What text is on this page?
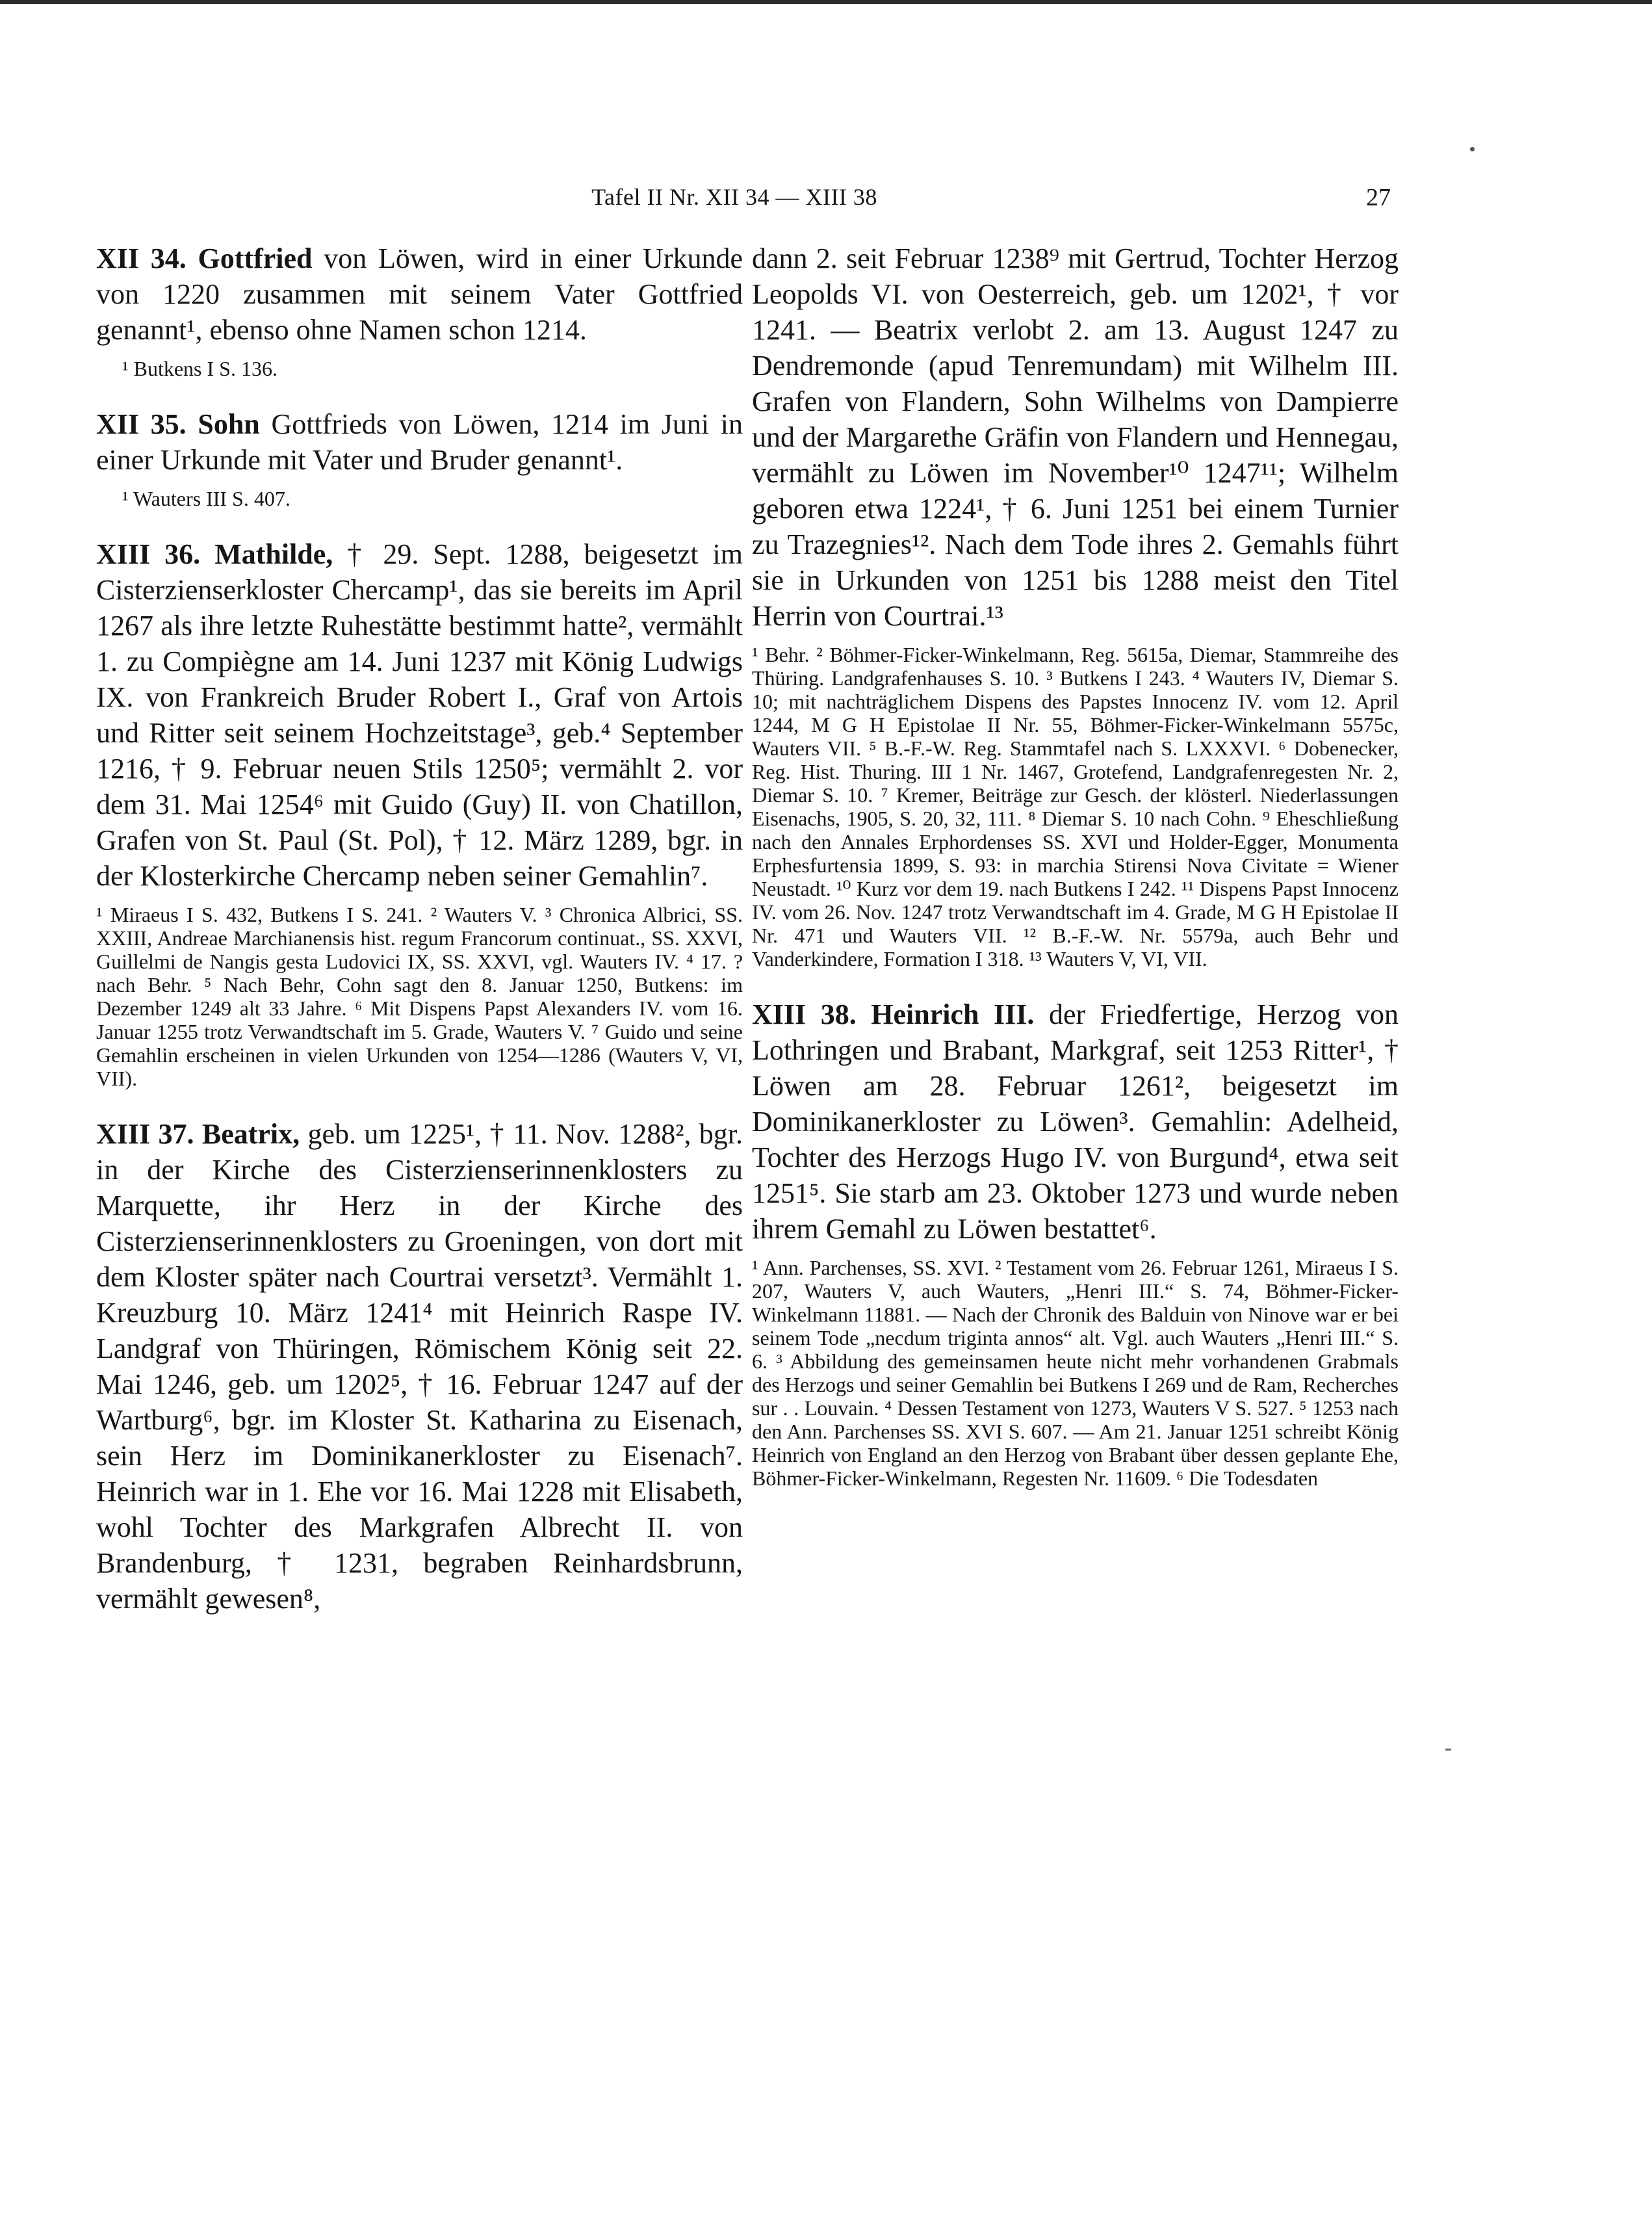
Tafel II Nr. XII 34 — XIII 38	27

XII 34. Gottfried von Löwen, wird in einer Urkunde von 1220 zusammen mit seinem Vater Gottfried genannt¹, ebenso ohne Namen schon 1214.

¹ Butkens I S. 136.

XII 35. Sohn Gottfrieds von Löwen, 1214 im Juni in einer Urkunde mit Vater und Bruder genannt¹.

¹ Wauters III S. 407.

XIII 36. Mathilde, † 29. Sept. 1288, beigesetzt im Cisterzienserkloster Chercamp¹, das sie bereits im April 1267 als ihre letzte Ruhestätte bestimmt hatte², vermählt 1. zu Compiègne am 14. Juni 1237 mit König Ludwigs IX. von Frankreich Bruder Robert I., Graf von Artois und Ritter seit seinem Hochzeitstage³, geb.⁴ September 1216, † 9. Februar neuen Stils 1250⁵; vermählt 2. vor dem 31. Mai 1254⁶ mit Guido (Guy) II. von Chatillon, Grafen von St. Paul (St. Pol), † 12. März 1289, bgr. in der Klosterkirche Chercamp neben seiner Gemahlin⁷.

¹ Miraeus I S. 432, Butkens I S. 241. ² Wauters V. ³ Chronica Albrici, SS. XXIII, Andreae Marchianensis hist. regum Francorum continuat., SS. XXVI, Guillelmi de Nangis gesta Ludovici IX, SS. XXVI, vgl. Wauters IV. ⁴ 17. ? nach Behr. ⁵ Nach Behr, Cohn sagt den 8. Januar 1250, Butkens: im Dezember 1249 alt 33 Jahre. ⁶ Mit Dispens Papst Alexanders IV. vom 16. Januar 1255 trotz Verwandtschaft im 5. Grade, Wauters V. ⁷ Guido und seine Gemahlin erscheinen in vielen Urkunden von 1254—1286 (Wauters V, VI, VII).

XIII 37. Beatrix, geb. um 1225¹, † 11. Nov. 1288², bgr. in der Kirche des Cisterzienserinnenklosters zu Marquette, ihr Herz in der Kirche des Cisterzienserinnenklosters zu Groeningen, von dort mit dem Kloster später nach Courtrai versetzt³. Vermählt 1. Kreuzburg 10. März 1241⁴ mit Heinrich Raspe IV. Landgraf von Thüringen, Römischem König seit 22. Mai 1246, geb. um 1202⁵, † 16. Februar 1247 auf der Wartburg⁶, bgr. im Kloster St. Katharina zu Eisenach, sein Herz im Dominikanerkloster zu Eisenach⁷. Heinrich war in 1. Ehe vor 16. Mai 1228 mit Elisabeth, wohl Tochter des Markgrafen Albrecht II. von Brandenburg, † 1231, begraben Reinhardsbrunn, vermählt gewesen⁸,

dann 2. seit Februar 1238⁹ mit Gertrud, Tochter Herzog Leopolds VI. von Oesterreich, geb. um 1202¹, † vor 1241. — Beatrix verlobt 2. am 13. August 1247 zu Dendremonde (apud Tenremundam) mit Wilhelm III. Grafen von Flandern, Sohn Wilhelms von Dampierre und der Margarethe Gräfin von Flandern und Hennegau, vermählt zu Löwen im November¹⁰ 1247¹¹; Wilhelm geboren etwa 1224¹, † 6. Juni 1251 bei einem Turnier zu Trazegnies¹². Nach dem Tode ihres 2. Gemahls führt sie in Urkunden von 1251 bis 1288 meist den Titel Herrin von Courtrai.¹³

¹ Behr. ² Böhmer-Ficker-Winkelmann, Reg. 5615a, Diemar, Stammreihe des Thüring. Landgrafenhauses S. 10. ³ Butkens I 243. ⁴ Wauters IV, Diemar S. 10; mit nachträglichem Dispens des Papstes Innocenz IV. vom 12. April 1244, M G H Epistolae II Nr. 55, Böhmer-Ficker-Winkelmann 5575c, Wauters VII. ⁵ B.-F.-W. Reg. Stammtafel nach S. LXXXVI. ⁶ Dobenecker, Reg. Hist. Thuring. III 1 Nr. 1467, Grotefend, Landgrafenregesten Nr. 2, Diemar S. 10. ⁷ Kremer, Beiträge zur Gesch. der klösterl. Niederlassungen Eisenachs, 1905, S. 20, 32, 111. ⁸ Diemar S. 10 nach Cohn. ⁹ Eheschließung nach den Annales Erphordenses SS. XVI und Holder-Egger, Monumenta Erphesfurtensia 1899, S. 93: in marchia Stirensi Nova Civitate = Wiener Neustadt. ¹⁰ Kurz vor dem 19. nach Butkens I 242. ¹¹ Dispens Papst Innocenz IV. vom 26. Nov. 1247 trotz Verwandtschaft im 4. Grade, M G H Epistolae II Nr. 471 und Wauters VII. ¹² B.-F.-W. Nr. 5579a, auch Behr und Vanderkindere, Formation I 318. ¹³ Wauters V, VI, VII.

XIII 38. Heinrich III. der Friedfertige, Herzog von Lothringen und Brabant, Markgraf, seit 1253 Ritter¹, † Löwen am 28. Februar 1261², beigesetzt im Dominikanerkloster zu Löwen³. Gemahlin: Adelheid, Tochter des Herzogs Hugo IV. von Burgund⁴, etwa seit 1251⁵. Sie starb am 23. Oktober 1273 und wurde neben ihrem Gemahl zu Löwen bestattet⁶.

¹ Ann. Parchenses, SS. XVI. ² Testament vom 26. Februar 1261, Miraeus I S. 207, Wauters V, auch Wauters, „Henri III.“ S. 74, Böhmer-Ficker-Winkelmann 11881. — Nach der Chronik des Balduin von Ninove war er bei seinem Tode „necdum triginta annos“ alt. Vgl. auch Wauters „Henri III.“ S. 6. ³ Abbildung des gemeinsamen heute nicht mehr vorhandenen Grabmals des Herzogs und seiner Gemahlin bei Butkens I 269 und de Ram, Recherches sur . . Louvain. ⁴ Dessen Testament von 1273, Wauters V S. 527. ⁵ 1253 nach den Ann. Parchenses SS. XVI S. 607. — Am 21. Januar 1251 schreibt König Heinrich von England an den Herzog von Brabant über dessen geplante Ehe, Böhmer-Ficker-Winkelmann, Regesten Nr. 11609. ⁶ Die Todesdaten
